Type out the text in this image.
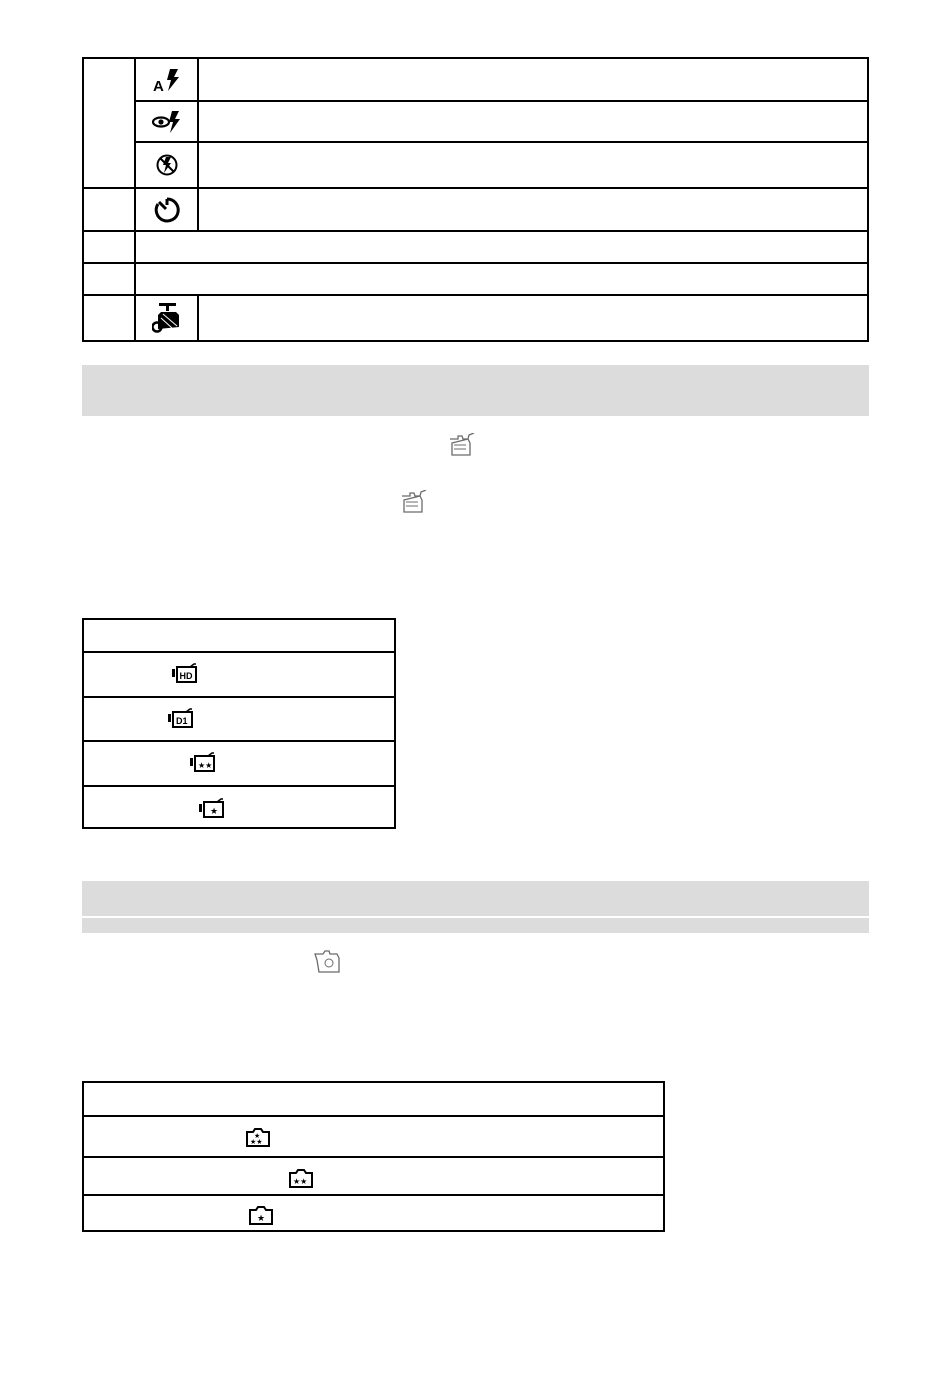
A
HD
D1
★★
★
★★
★
★★
★
